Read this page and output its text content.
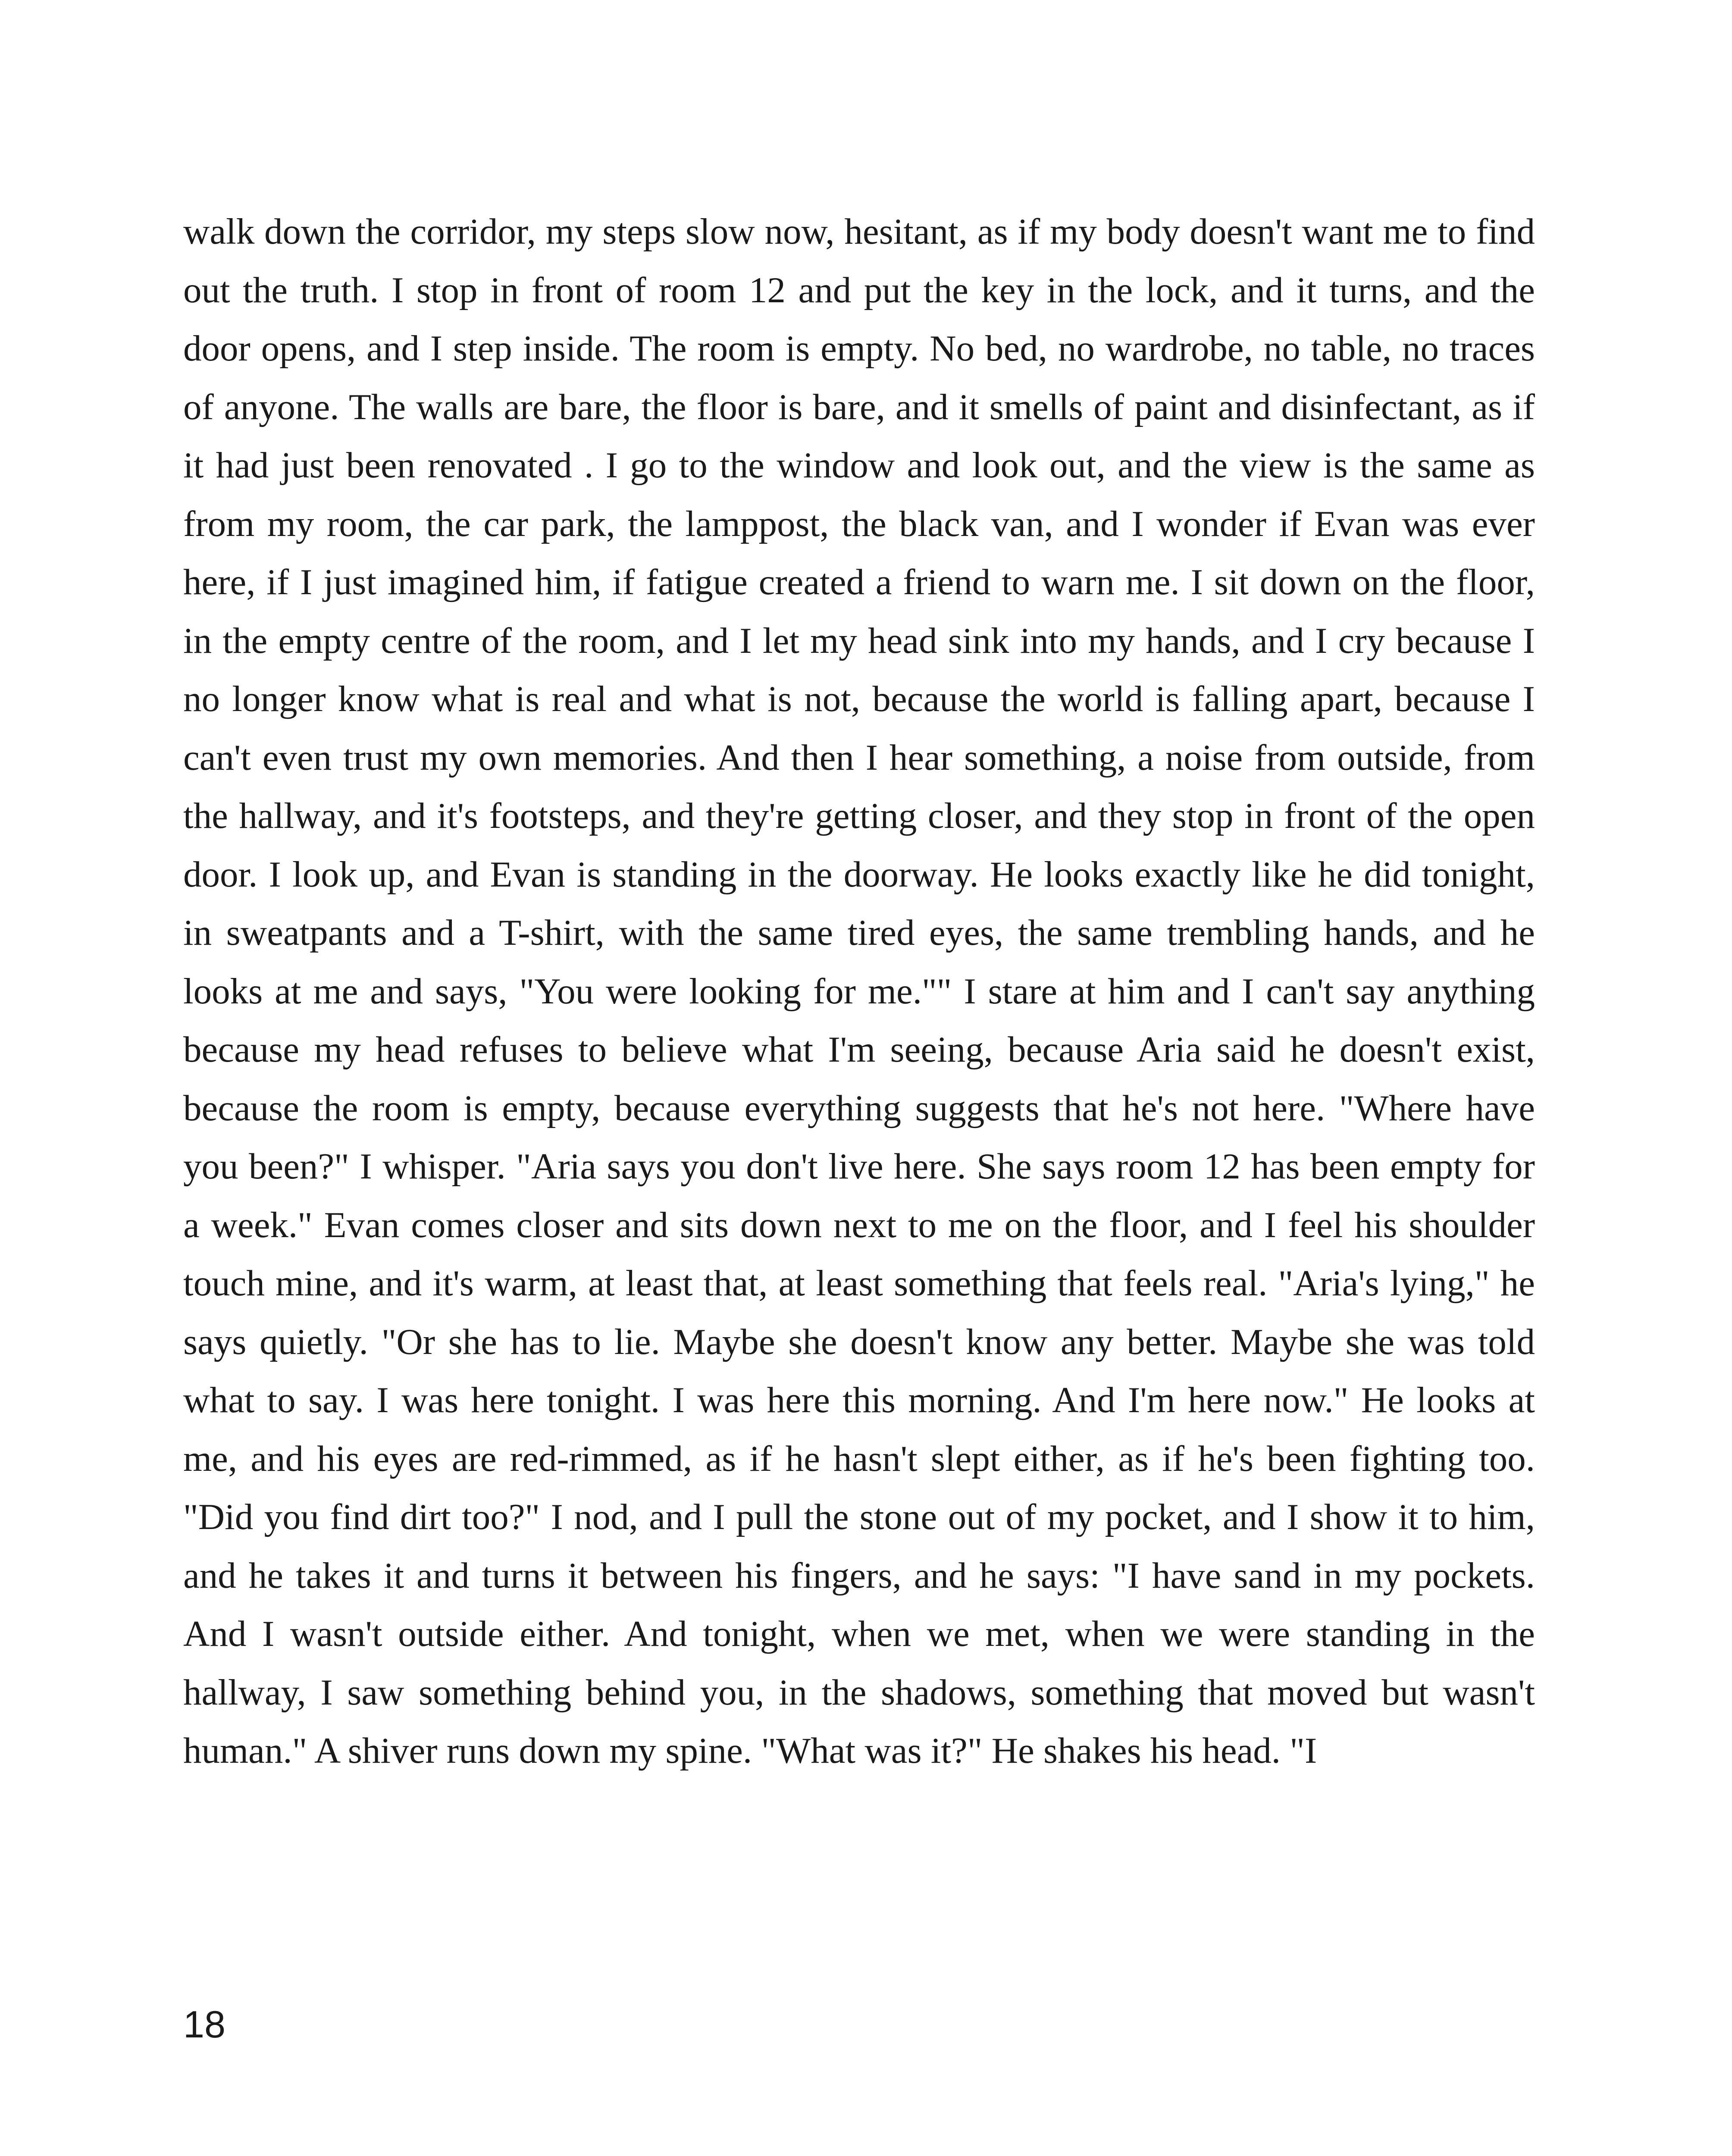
walk down the corridor, my steps slow now, hesitant, as if my body doesn't want me to find out the truth. I stop in front of room 12 and put the key in the lock, and it turns, and the door opens, and I step inside. The room is empty. No bed, no wardrobe, no table, no traces of anyone. The walls are bare, the floor is bare, and it smells of paint and disinfectant, as if it had just been renovated . I go to the window and look out, and the view is the same as from my room, the car park, the lamppost, the black van, and I wonder if Evan was ever here, if I just imagined him, if fatigue created a friend to warn me. I sit down on the floor, in the empty centre of the room, and I let my head sink into my hands, and I cry because I no longer know what is real and what is not, because the world is falling apart, because I can't even trust my own memories. And then I hear something, a noise from outside, from the hallway, and it's footsteps, and they're getting closer, and they stop in front of the open door. I look up, and Evan is standing in the doorway. He looks exactly like he did tonight, in sweatpants and a T-shirt, with the same tired eyes, the same trembling hands, and he looks at me and says, "You were looking for me."" I stare at him and I can't say anything because my head refuses to believe what I'm seeing, because Aria said he doesn't exist, because the room is empty, because everything suggests that he's not here. "Where have you been?" I whisper. "Aria says you don't live here. She says room 12 has been empty for a week." Evan comes closer and sits down next to me on the floor, and I feel his shoulder touch mine, and it's warm, at least that, at least something that feels real. "Aria's lying," he says quietly. "Or she has to lie. Maybe she doesn't know any better. Maybe she was told what to say. I was here tonight. I was here this morning. And I'm here now." He looks at me, and his eyes are red-rimmed, as if he hasn't slept either, as if he's been fighting too. "Did you find dirt too?" I nod, and I pull the stone out of my pocket, and I show it to him, and he takes it and turns it between his fingers, and he says: "I have sand in my pockets. And I wasn't outside either. And tonight, when we met, when we were standing in the hallway, I saw something behind you, in the shadows, something that moved but wasn't human." A shiver runs down my spine. "What was it?" He shakes his head. "I

18
